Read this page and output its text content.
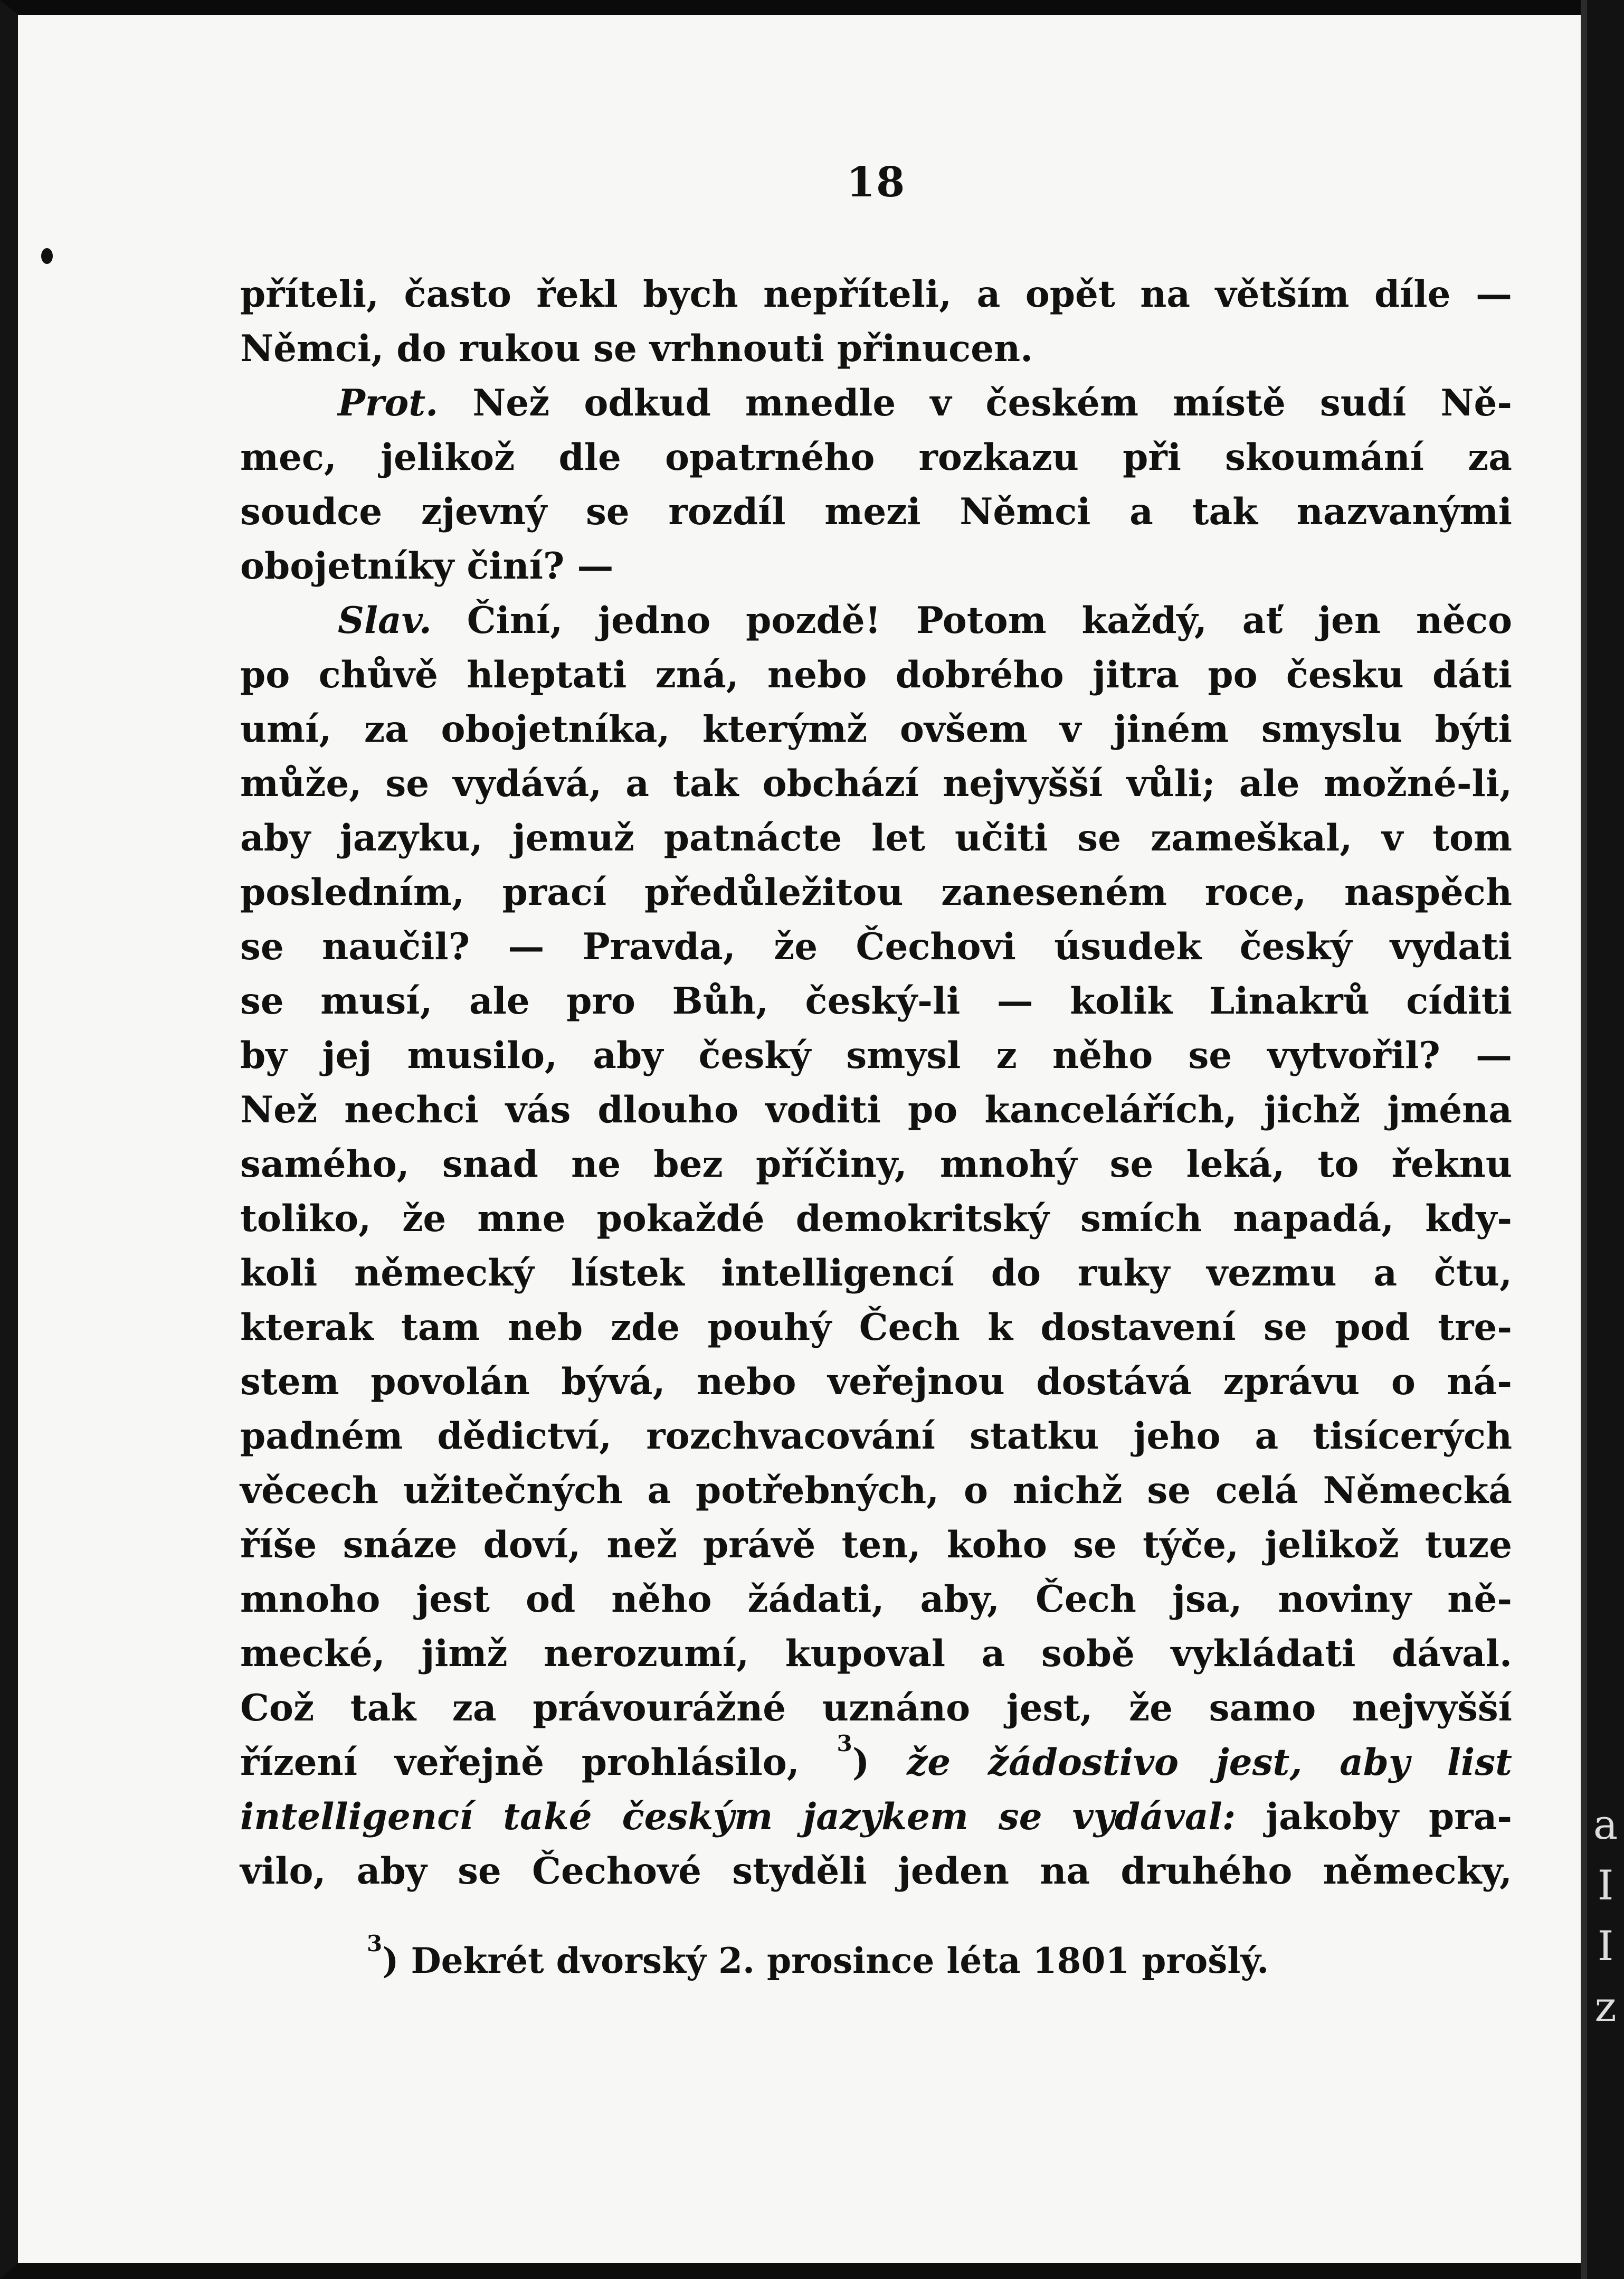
a
I
I
z
18
příteli, často řekl bych nepříteli, a opět na větším díle —
Němci, do rukou se vrhnouti přinucen.
Prot. Než odkud mnedle v českém místě sudí Ně-
mec, jelikož dle opatrného rozkazu při skoumání za
soudce zjevný se rozdíl mezi Němci a tak nazvanými
obojetníky činí? —
Slav. Činí, jedno pozdě! Potom každý, ať jen něco
po chůvě hleptati zná, nebo dobrého jitra po česku dáti
umí, za obojetníka, kterýmž ovšem v jiném smyslu býti
může, se vydává, a tak obchází nejvyšší vůli; ale možné-li,
aby jazyku, jemuž patnácte let učiti se zameškal, v tom
posledním, prací předůležitou zaneseném roce, naspěch
se naučil? — Pravda, že Čechovi úsudek český vydati
se musí, ale pro Bůh, český-li — kolik Linakrů cíditi
by jej musilo, aby český smysl z něho se vytvořil? —
Než nechci vás dlouho voditi po kancelářích, jichž jména
samého, snad ne bez příčiny, mnohý se leká, to řeknu
toliko, že mne pokaždé demokritský smích napadá, kdy-
koli německý lístek intelligencí do ruky vezmu a čtu,
kterak tam neb zde pouhý Čech k dostavení se pod tre-
stem povolán bývá, nebo veřejnou dostává zprávu o ná-
padném dědictví, rozchvacování statku jeho a tisícerých
věcech užitečných a potřebných, o nichž se celá Německá
říše snáze doví, než právě ten, koho se týče, jelikož tuze
mnoho jest od něho žádati, aby, Čech jsa, noviny ně-
mecké, jimž nerozumí, kupoval a sobě vykládati dával.
Což tak za právourážné uznáno jest, že samo nejvyšší
řízení veřejně prohlásilo, $^3$) že žádostivo jest, aby list
intelligencí také českým jazykem se vydával: jakoby pra-
vilo, aby se Čechové styděli jeden na druhého německy,
$^3$) Dekrét dvorský 2. prosince léta 1801 prošlý.
